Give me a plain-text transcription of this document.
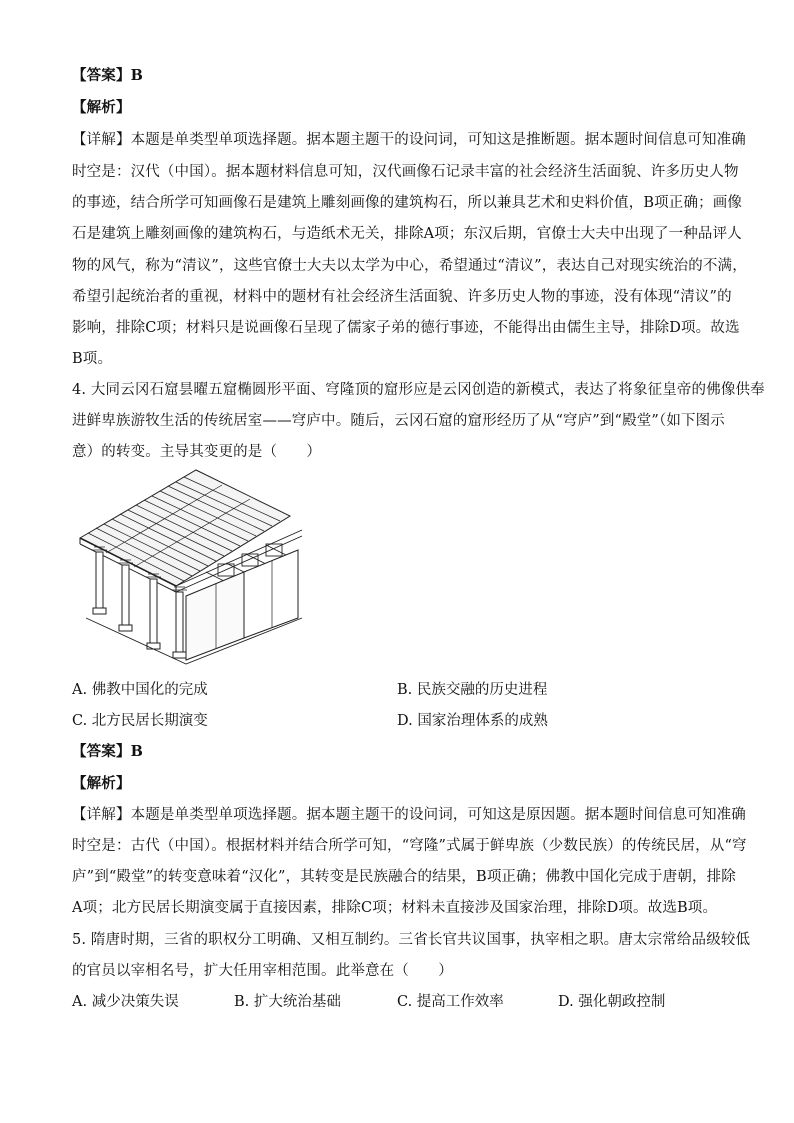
【答案】B
【解析】
【详解】本题是单类型单项选择题。据本题主题干的设问词，可知这是推断题。据本题时间信息可知准确
时空是：汉代（中国）。据本题材料信息可知，汉代画像石记录丰富的社会经济生活面貌、许多历史人物
的事迹，结合所学可知画像石是建筑上雕刻画像的建筑构石，所以兼具艺术和史料价值，B项正确；画像
石是建筑上雕刻画像的建筑构石，与造纸术无关，排除A项；东汉后期，官僚士大夫中出现了一种品评人
物的风气，称为“清议”，这些官僚士大夫以太学为中心，希望通过“清议”，表达自己对现实统治的不满，
希望引起统治者的重视，材料中的题材有社会经济生活面貌、许多历史人物的事迹，没有体现“清议”的
影响，排除C项；材料只是说画像石呈现了儒家子弟的德行事迹，不能得出由儒生主导，排除D项。故选
B项。
4. 大同云冈石窟昙曜五窟椭圆形平面、穹隆顶的窟形应是云冈创造的新模式，表达了将象征皇帝的佛像供奉
进鲜卑族游牧生活的传统居室——穹庐中。随后，云冈石窟的窟形经历了从“穹庐”到“殿堂”（如下图示
意）的转变。主导其变更的是（　　）
A. 佛教中国化的完成	B. 民族交融的历史进程
C. 北方民居长期演变	D. 国家治理体系的成熟
【答案】B
【解析】
【详解】本题是单类型单项选择题。据本题主题干的设问词，可知这是原因题。据本题时间信息可知准确
时空是：古代（中国）。根据材料并结合所学可知，“穹隆”式属于鲜卑族（少数民族）的传统民居，从“穹
庐”到“殿堂”的转变意味着“汉化”，其转变是民族融合的结果，B项正确；佛教中国化完成于唐朝，排除
A项；北方民居长期演变属于直接因素，排除C项；材料未直接涉及国家治理，排除D项。故选B项。
5. 隋唐时期，三省的职权分工明确、又相互制约。三省长官共议国事，执宰相之职。唐太宗常给品级较低
的官员以宰相名号，扩大任用宰相范围。此举意在（　　）
A. 减少决策失误	B. 扩大统治基础	C. 提高工作效率	D. 强化朝政控制
